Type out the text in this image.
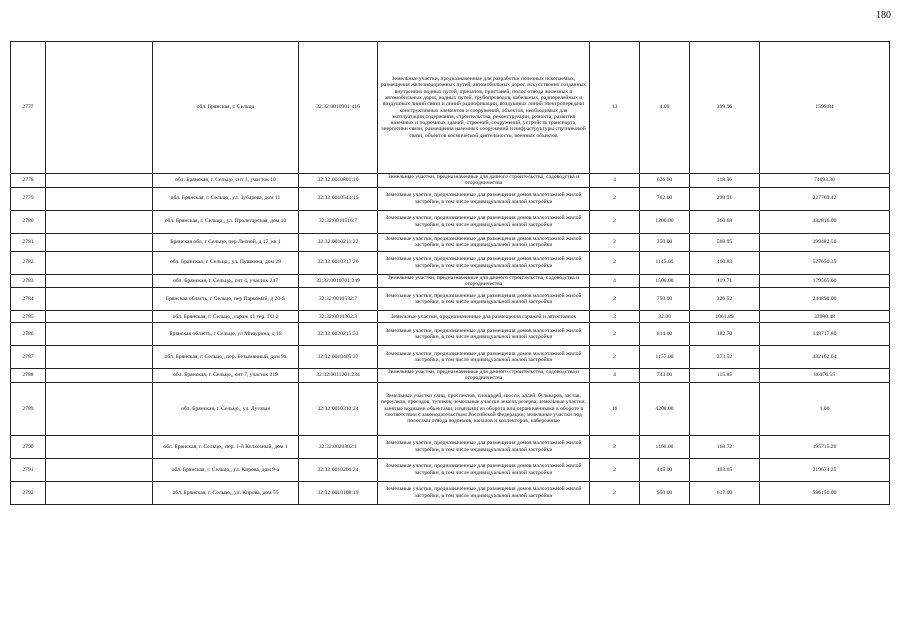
180
2777		обл. Брянская, г. Сельцо	32:32:0010901:416	Земельные участки, предназначенные для разработки полезных ископаемых, размещения железнодорожных путей, автомобильных дорог, искусственно созданных внутренних водных путей, причалов, пристаней, полос отвода железных и автомобильных дорог, водных путей, трубопроводов, кабельных, радиорелейных и воздушных линий связи и линий радиофикации, воздушных линий электропередачи конструктивных элементов и сооружений, объектов, необходимых для эксплуатации,содержания, строительства, реконструкции, ремонта, развития наземных и подземных зданий, строений, сооружений, устройств транспорта, энергетики связи; размещения наземных сооружений и инфраструктуры спутниковой связи, объектов космической деятельности, военных объектов	13	4.00	399.96	1599.84
2778		обл. Брянская, г. Сельцо, снт 1, участок 10	32:32:0010801:10	Земельные участки, предназначенные для дачного строительства, садоводства и огородничества	4	626.00	118.36	74093.36
2779		обл. Брянская, г. Сельцо,, ул. Зубарева, дом 11	32:32:0010543:19	Земельные участки, предназначенные для размещения домов малоэтажной жилой застройки, в том числе индивидуальной жилой застройки	2	762.00	298.91	227769.42
2780		обл. Брянская, г. Сельцо,, ул. Пролетарская, дом 10	32:32:0010516:7	Земельные участки, предназначенные для размещения домов малоэтажной жилой застройки, в том числе индивидуальной жилой застройки	2	1200.00	360.68	432816.00
2781		Брянская обл, г Сельцо, пер Лесной, д 17, кв 1	32:32:0010211:22	Земельные участки, предназначенные для размещения домов малоэтажной жилой застройки, в том числе индивидуальной жилой застройки	2	350.00	569.95	199482.50
2782		обл. Брянская, г. Сельцо,, ул. Пушкина, дом 29	32:32:0010317:26	Земельные участки, предназначенные для размещения домов малоэтажной жилой застройки, в том числе индивидуальной жилой застройки	2	1145.00	460.83	527650.35
2783		обл. Брянская, г. Сельцо,, снт 4, участок 247	32:32:0010701:249	Земельные участки, предназначенные для дачного строительства, садоводства и огородничества	4	1500.00	119.71	179565.00
2784		Брянская область, г Сельцо, пер Парковый, д 20-Б	32:32:0010532:7	Земельные участки, предназначенные для размещения домов малоэтажной жилой застройки, в том числе индивидуальной жилой застройки	2	750.00	326.52	244890.00
2785		обл. Брянская, г. Сельцо,, гараж 41 тер. ГО 2	32:32:0010302:3	Земельные участки, предназначенные для размещения гаражей и автостоянок	3	32.00	1061.89	33980.48
2786		Брянская область, г Сельцо, ул Мичурина, д 18	32:32:0020215:53	Земельные участки, предназначенные для размещения домов малоэтажной жилой застройки, в том числе индивидуальной жилой застройки	2	814.00	182.70	148717.80
2787		обл. Брянская, г. Сельцо,, пер. Безымянный, дом 9а	32:32:0010405:37	Земельные участки, предназначенные для размещения домов малоэтажной жилой застройки, в том числе индивидуальной жилой застройки	2	1157.00	373.52	432162.64
2788		обл. Брянская, г. Сельцо,, снт 7, участок 219	32:32:0011201:234	Земельные участки, предназначенные для дачного строительства, садоводства и огородничества	4	743.00	115.85	86076.55
2789		обл. Брянская, г. Сельцо,, ул. Луговая	32:32:0010310:24	Земельные участки улиц, проспектов, площадей, шоссе, аллей, бульваров, застав, переулков, проездов, тупиков; земельные участки земель резерва; земельные участки, занятые водными объектами, изъятыми из оборота или ограниченными в обороте в соответствии с законодательством Российской Федерации; земельные участки под полосами отвода водоемов, каналов и коллекторов, набережные	16	4208.00		1.00
2790		обл. Брянская, г. Сельцо,, пер. 1-й Колхозный, дом 1	32:32:0020302:1	Земельные участки, предназначенные для размещения домов малоэтажной жилой застройки, в том числе индивидуальной жилой застройки	2	1160.00	168.72	195715.20
2791		обл. Брянская, г. Сельцо,, ул. Кирова, дом 9-а	32:32:0010206:24	Земельные участки, предназначенные для размещения домов малоэтажной жилой застройки, в том числе индивидуальной жилой застройки	2	445.00	493.65	219674.25
2792		обл. Брянская, г. Сельцо,, ул. Кирова, дом 55	32:32:0010108:19	Земельные участки, предназначенные для размещения домов малоэтажной жилой застройки, в том числе индивидуальной жилой застройки	2	950.00	617.00	586150.00
